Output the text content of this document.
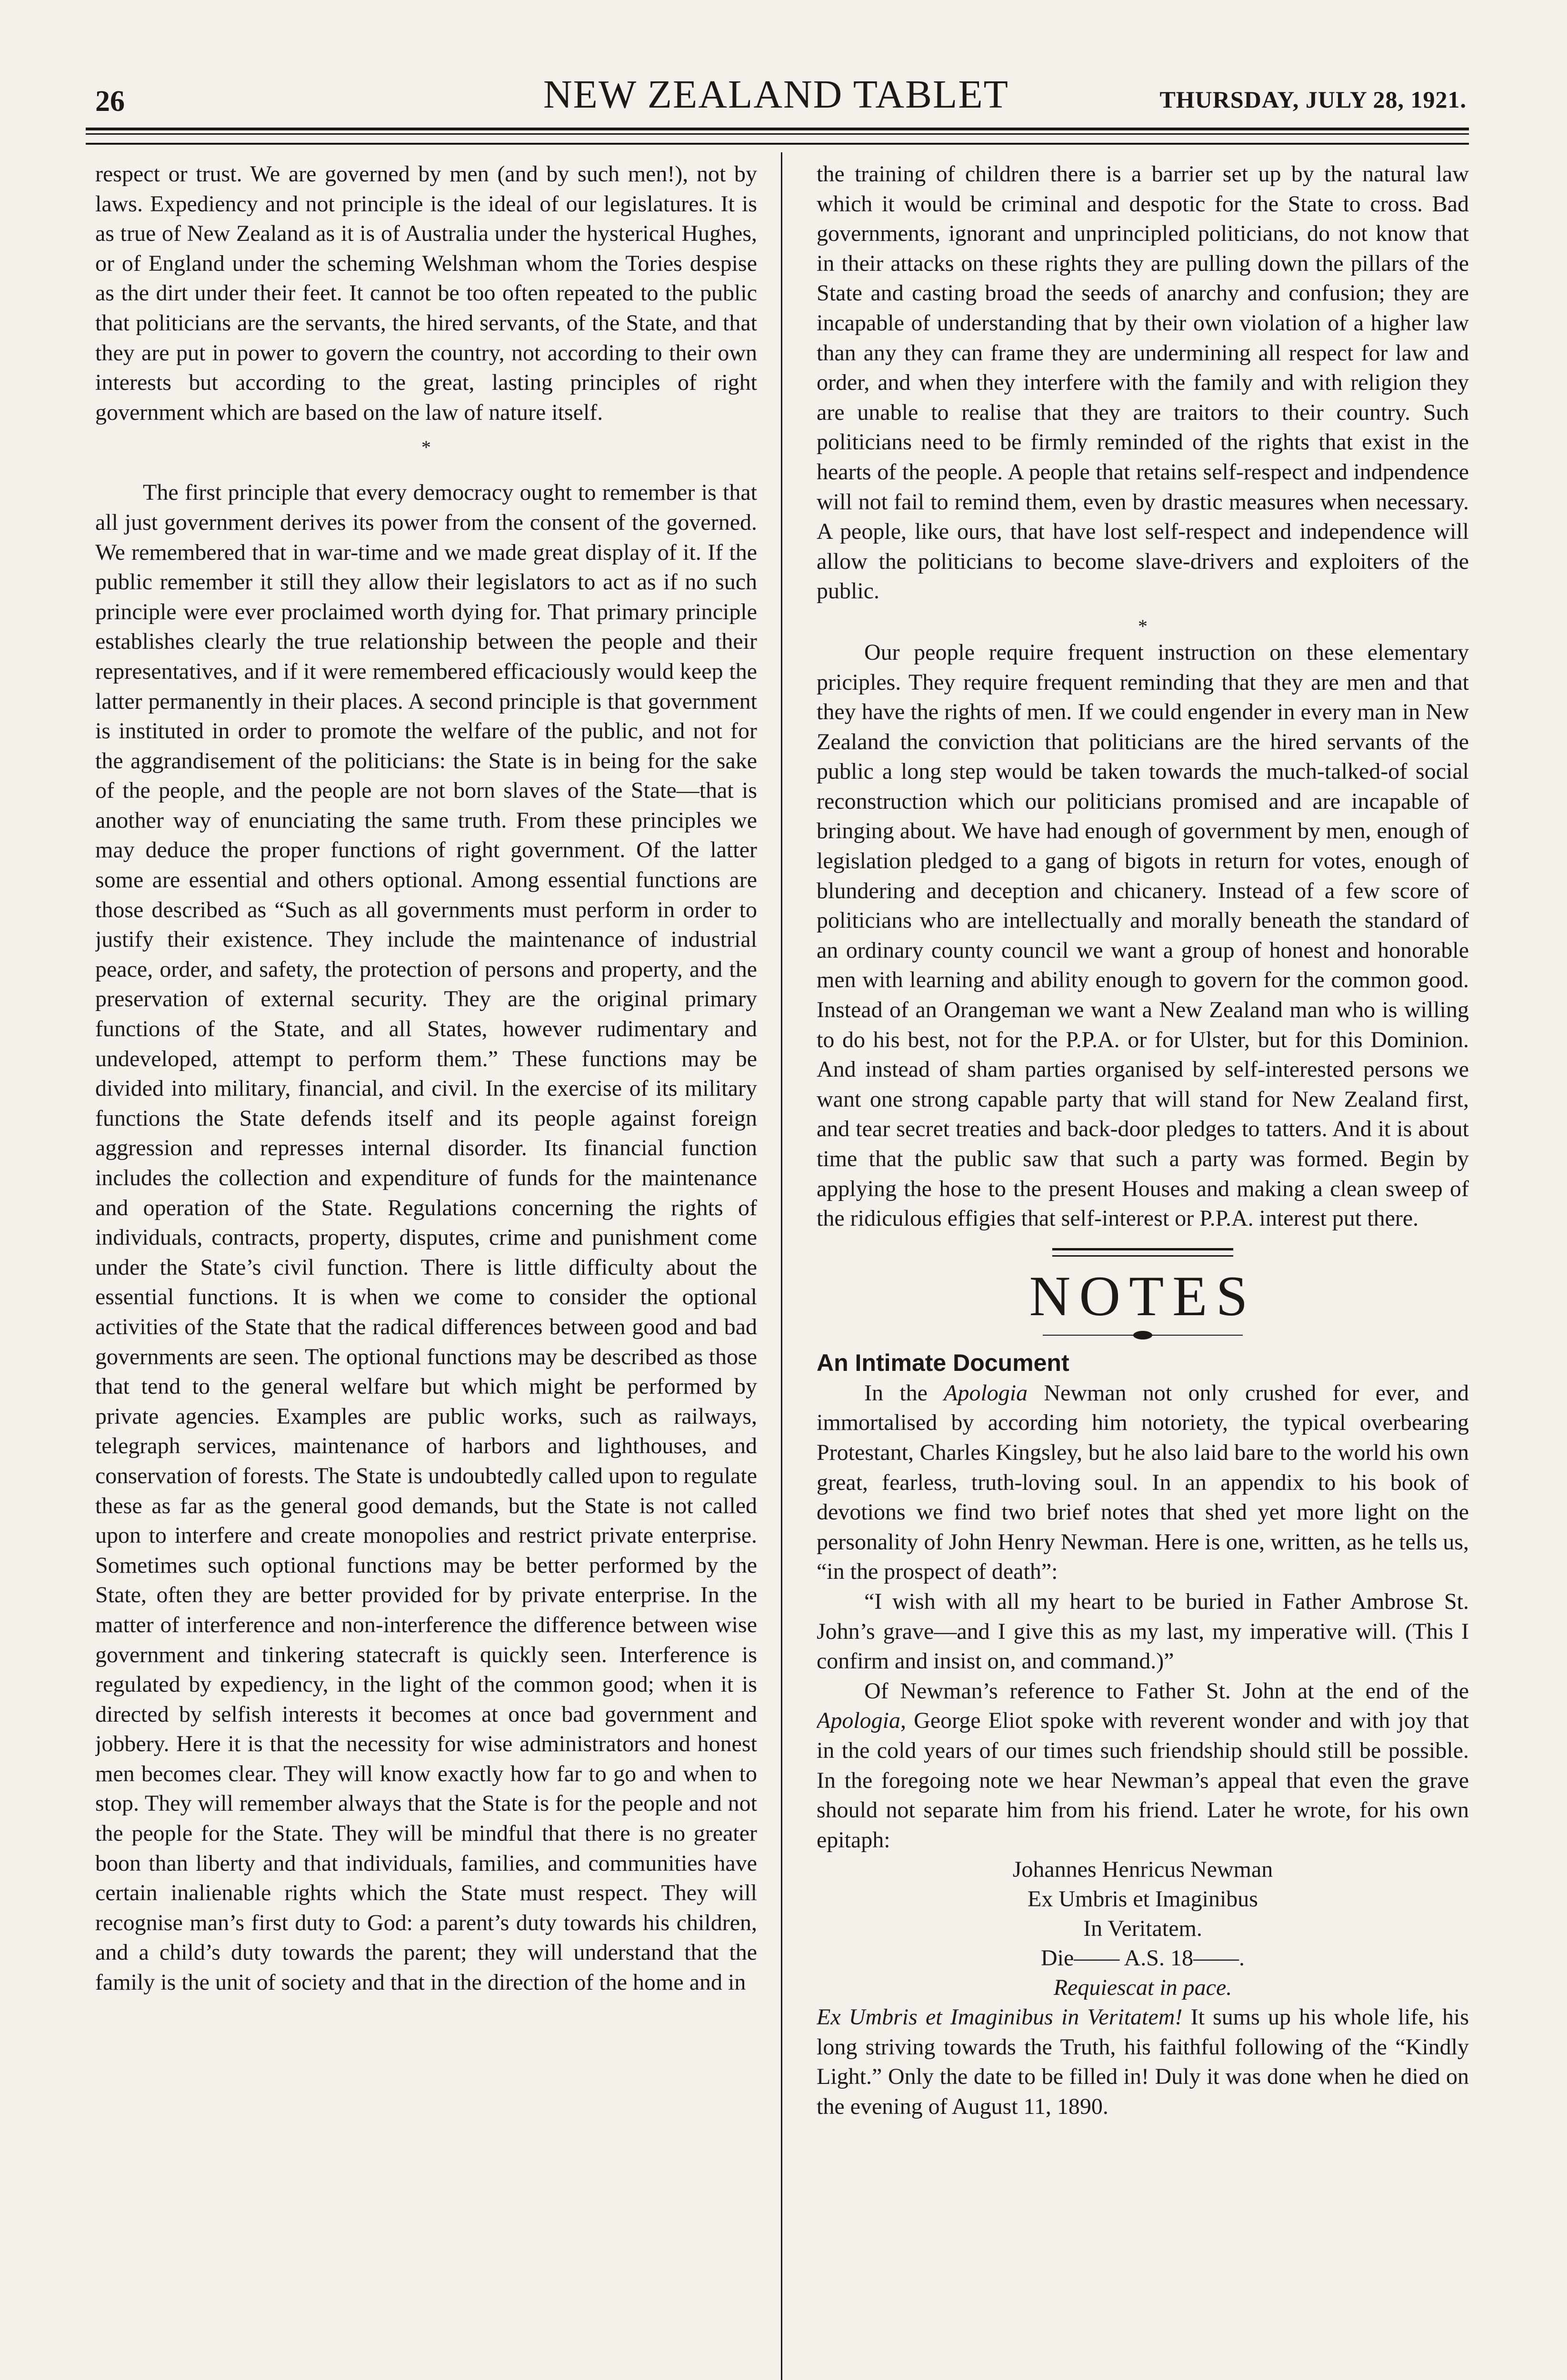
26	NEW ZEALAND TABLET	THURSDAY, JULY 28, 1921.

respect or trust. We are governed by men (and by such men!), not by laws. Expediency and not principle is the ideal of our legislatures. It is as true of New Zealand as it is of Australia under the hysterical Hughes, or of England under the scheming Welshman whom the Tories despise as the dirt under their feet. It cannot be too often repeated to the public that politicians are the servants, the hired servants, of the State, and that they are put in power to govern the country, not according to their own interests but according to the great, lasting principles of right government which are based on the law of nature itself.

*

The first principle that every democracy ought to remember is that all just government derives its power from the consent of the governed. We remembered that in war-time and we made great display of it. If the public remember it still they allow their legislators to act as if no such principle were ever proclaimed worth dying for. That primary principle establishes clearly the true relationship between the people and their representatives, and if it were remembered efficaciously would keep the latter permanently in their places. A second principle is that government is instituted in order to promote the welfare of the public, and not for the aggrandisement of the politicians: the State is in being for the sake of the people, and the people are not born slaves of the State—that is another way of enunciating the same truth. From these principles we may deduce the proper functions of right government. Of the latter some are essential and others optional. Among essential functions are those described as “Such as all governments must perform in order to justify their existence. They include the maintenance of industrial peace, order, and safety, the protection of persons and property, and the preservation of external security. They are the original primary functions of the State, and all States, however rudimentary and undeveloped, attempt to perform them.” These functions may be divided into military, financial, and civil. In the exercise of its military functions the State defends itself and its people against foreign aggression and represses internal disorder. Its financial function includes the collection and expenditure of funds for the maintenance and operation of the State. Regulations concerning the rights of individuals, contracts, property, disputes, crime and punishment come under the State’s civil function. There is little difficulty about the essential functions. It is when we come to consider the optional activities of the State that the radical differences between good and bad governments are seen. The optional functions may be described as those that tend to the general welfare but which might be performed by private agencies. Examples are public works, such as railways, telegraph services, maintenance of harbors and lighthouses, and conservation of forests. The State is undoubtedly called upon to regulate these as far as the general good demands, but the State is not called upon to interfere and create monopolies and restrict private enterprise. Sometimes such optional functions may be better performed by the State, often they are better provided for by private enterprise. In the matter of interference and non-interference the difference between wise government and tinkering statecraft is quickly seen. Interference is regulated by expediency, in the light of the common good; when it is directed by selfish interests it becomes at once bad government and jobbery. Here it is that the necessity for wise administrators and honest men becomes clear. They will know exactly how far to go and when to stop. They will remember always that the State is for the people and not the people for the State. They will be mindful that there is no greater boon than liberty and that individuals, families, and communities have certain inalienable rights which the State must respect. They will recognise man’s first duty to God: a parent’s duty towards his children, and a child’s duty towards the parent; they will understand that the family is the unit of society and that in the direction of the home and in

the training of children there is a barrier set up by the natural law which it would be criminal and despotic for the State to cross. Bad governments, ignorant and unprincipled politicians, do not know that in their attacks on these rights they are pulling down the pillars of the State and casting broad the seeds of anarchy and confusion; they are incapable of understanding that by their own violation of a higher law than any they can frame they are undermining all respect for law and order, and when they interfere with the family and with religion they are unable to realise that they are traitors to their country. Such politicians need to be firmly reminded of the rights that exist in the hearts of the people. A people that retains self-respect and indpendence will not fail to remind them, even by drastic measures when necessary. A people, like ours, that have lost self-respect and independence will allow the politicians to become slave-drivers and exploiters of the public.

*

Our people require frequent instruction on these elementary priciples. They require frequent reminding that they are men and that they have the rights of men. If we could engender in every man in New Zealand the conviction that politicians are the hired servants of the public a long step would be taken towards the much-talked-of social reconstruction which our politicians promised and are incapable of bringing about. We have had enough of government by men, enough of legislation pledged to a gang of bigots in return for votes, enough of blundering and deception and chicanery. Instead of a few score of politicians who are intellectually and morally beneath the standard of an ordinary county council we want a group of honest and honorable men with learning and ability enough to govern for the common good. Instead of an Orangeman we want a New Zealand man who is willing to do his best, not for the P.P.A. or for Ulster, but for this Dominion. And instead of sham parties organised by self-interested persons we want one strong capable party that will stand for New Zealand first, and tear secret treaties and back-door pledges to tatters. And it is about time that the public saw that such a party was formed. Begin by applying the hose to the present Houses and making a clean sweep of the ridiculous effigies that self-interest or P.P.A. interest put there.

NOTES
An Intimate Document

In the Apologia Newman not only crushed for ever, and immortalised by according him notoriety, the typical overbearing Protestant, Charles Kingsley, but he also laid bare to the world his own great, fearless, truth-loving soul. In an appendix to his book of devotions we find two brief notes that shed yet more light on the personality of John Henry Newman. Here is one, written, as he tells us, “in the prospect of death”:

“I wish with all my heart to be buried in Father Ambrose St. John’s grave—and I give this as my last, my imperative will. (This I confirm and insist on, and command.)”

Of Newman’s reference to Father St. John at the end of the Apologia, George Eliot spoke with reverent wonder and with joy that in the cold years of our times such friendship should still be possible. In the foregoing note we hear Newman’s appeal that even the grave should not separate him from his friend. Later he wrote, for his own epitaph:

Johannes Henricus Newman
Ex Umbris et Imaginibus
In Veritatem.
Die—— A.S. 18——.
Requiescat in pace.

Ex Umbris et Imaginibus in Veritatem! It sums up his whole life, his long striving towards the Truth, his faithful following of the “Kindly Light.” Only the date to be filled in! Duly it was done when he died on the evening of August 11, 1890.
